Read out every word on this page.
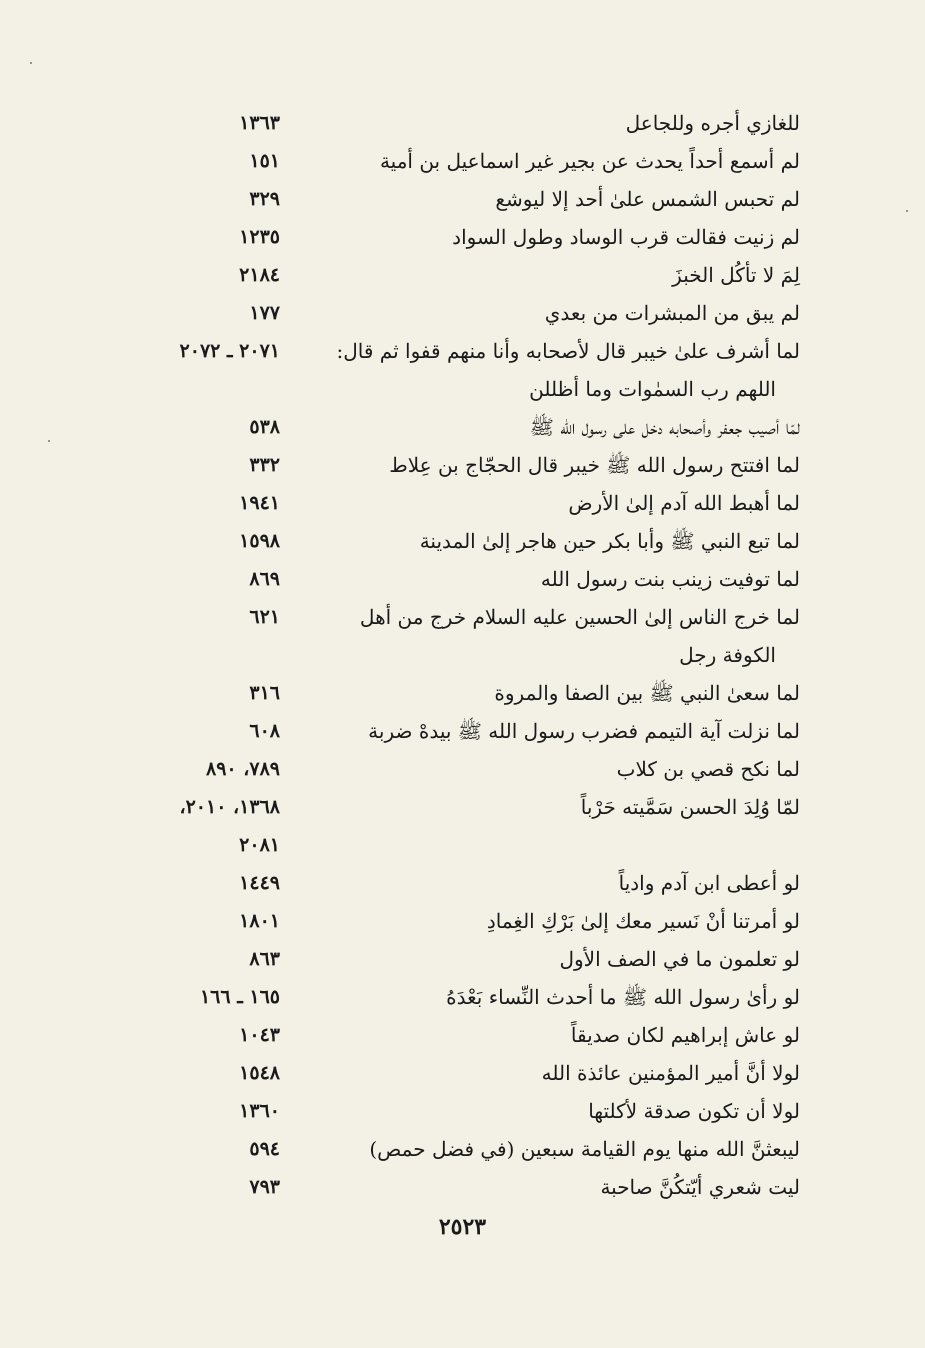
للغازي أجره وللجاعل
١٣٦٣
لم أسمع أحداً يحدث عن بجير غير اسماعيل بن أمية
١٥١
لم تحبس الشمس علىٰ أحد إلا ليوشع
٣٢٩
لم زنيت فقالت قرب الوساد وطول السواد
١٢٣٥
لِمَ لا تأكُل الخبزَ
٢١٨٤
لم يبق من المبشرات من بعدي
١٧٧
لما أشرف علىٰ خيبر قال لأصحابه وأنا منهم قفوا ثم قال:
٢٠٧١ ـ ٢٠٧٢
اللهم رب السمٰوات وما أظللن
لمّا أصيب جعفر وأصحابه دخل على رسول الله ﷺ
٥٣٨
لما افتتح رسول الله ﷺ خيبر قال الحجّاج بن عِلاط
٣٣٢
لما أهبط الله آدم إلىٰ الأرض
١٩٤١
لما تبع النبي ﷺ وأبا بكر حين هاجر إلىٰ المدينة
١٥٩٨
لما توفيت زينب بنت رسول الله
٨٦٩
لما خرج الناس إلىٰ الحسين عليه السلام خرج من أهل
٦٢١
الكوفة رجل
لما سعىٰ النبي ﷺ بين الصفا والمروة
٣١٦
لما نزلت آية التيمم فضرب رسول الله ﷺ بيدهْ ضربة
٦٠٨
لما نكح قصي بن كلاب
٧٨٩، ٨٩٠
لمّا وُلِدَ الحسن سَمَّيته حَرْباً
١٣٦٨، ٢٠١٠،
٢٠٨١
لو أعطى ابن آدم وادياً
١٤٤٩
لو أمرتنا أنْ نَسير معك إلىٰ بَرْكِ الغِمادِ
١٨٠١
لو تعلمون ما في الصف الأول
٨٦٣
لو رأىٰ رسول الله ﷺ ما أحدث النِّساء بَعْدَهُ
١٦٥ ـ ١٦٦
لو عاش إبراهيم لكان صديقاً
١٠٤٣
لولا أنَّ أمير المؤمنين عائذة الله
١٥٤٨
لولا أن تكون صدقة لأكلتها
١٣٦٠
ليبعثنَّ الله منها يوم القيامة سبعين (في فضل حمص)
٥٩٤
ليت شعري أيّتكُنَّ صاحبة
٧٩٣
٢٥٢٣
